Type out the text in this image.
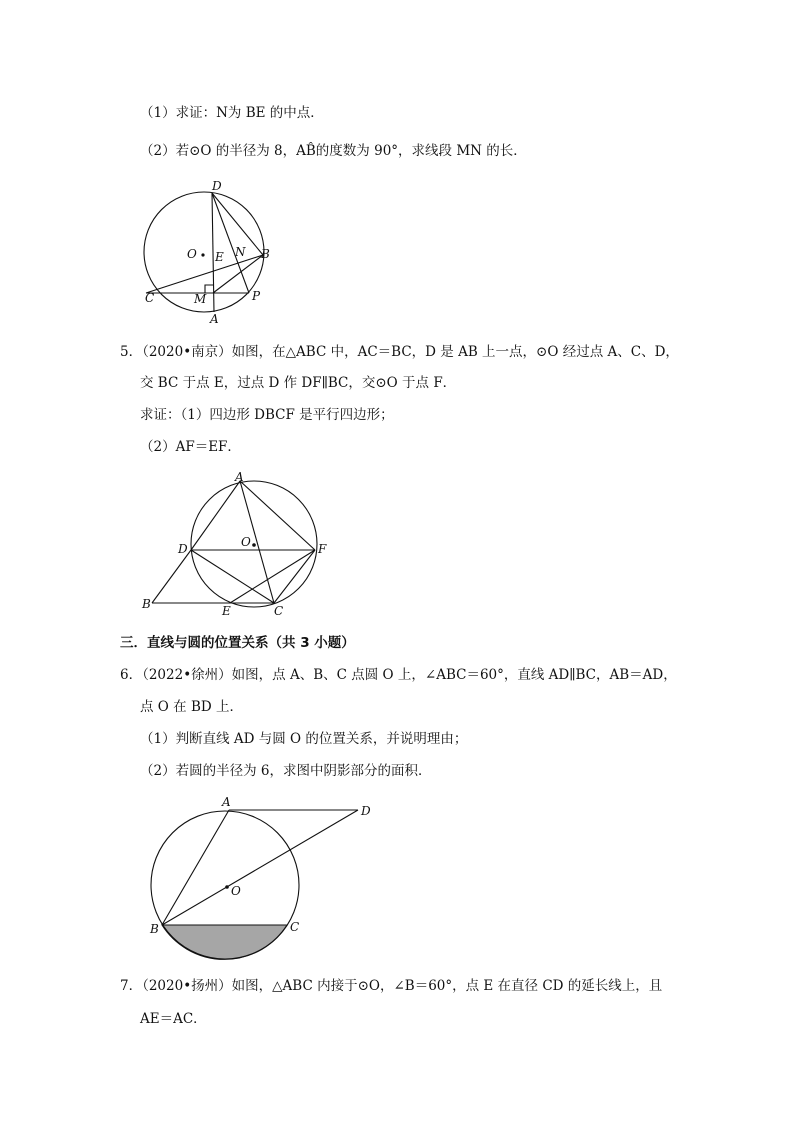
（1）求证：N为 BE 的中点．
（2）若⊙O 的半径为 8，AB̂的度数为 90°，求线段 MN 的长．
D
O E N B
C	M	P
A
5．（2020•南京）如图，在△ABC 中，AC＝BC，D 是 AB 上一点，⊙O 经过点 A、C、D，
交 BC 于点 E，过点 D 作 DF∥BC，交⊙O 于点 F．
求证：（1）四边形 DBCF 是平行四边形；
（2）AF＝EF．
A
D	O	F
B	E	C
三．直线与圆的位置关系（共 3 小题）
6．（2022•徐州）如图，点 A、B、C 点圆 O 上，∠ABC＝60°，直线 AD∥BC，AB＝AD，
点 O 在 BD 上．
（1）判断直线 AD 与圆 O 的位置关系，并说明理由；
（2）若圆的半径为 6，求图中阴影部分的面积．
A
D
O
B	C
7．（2020•扬州）如图，△ABC 内接于⊙O，∠B＝60°，点 E 在直径 CD 的延长线上，且
AE＝AC．
